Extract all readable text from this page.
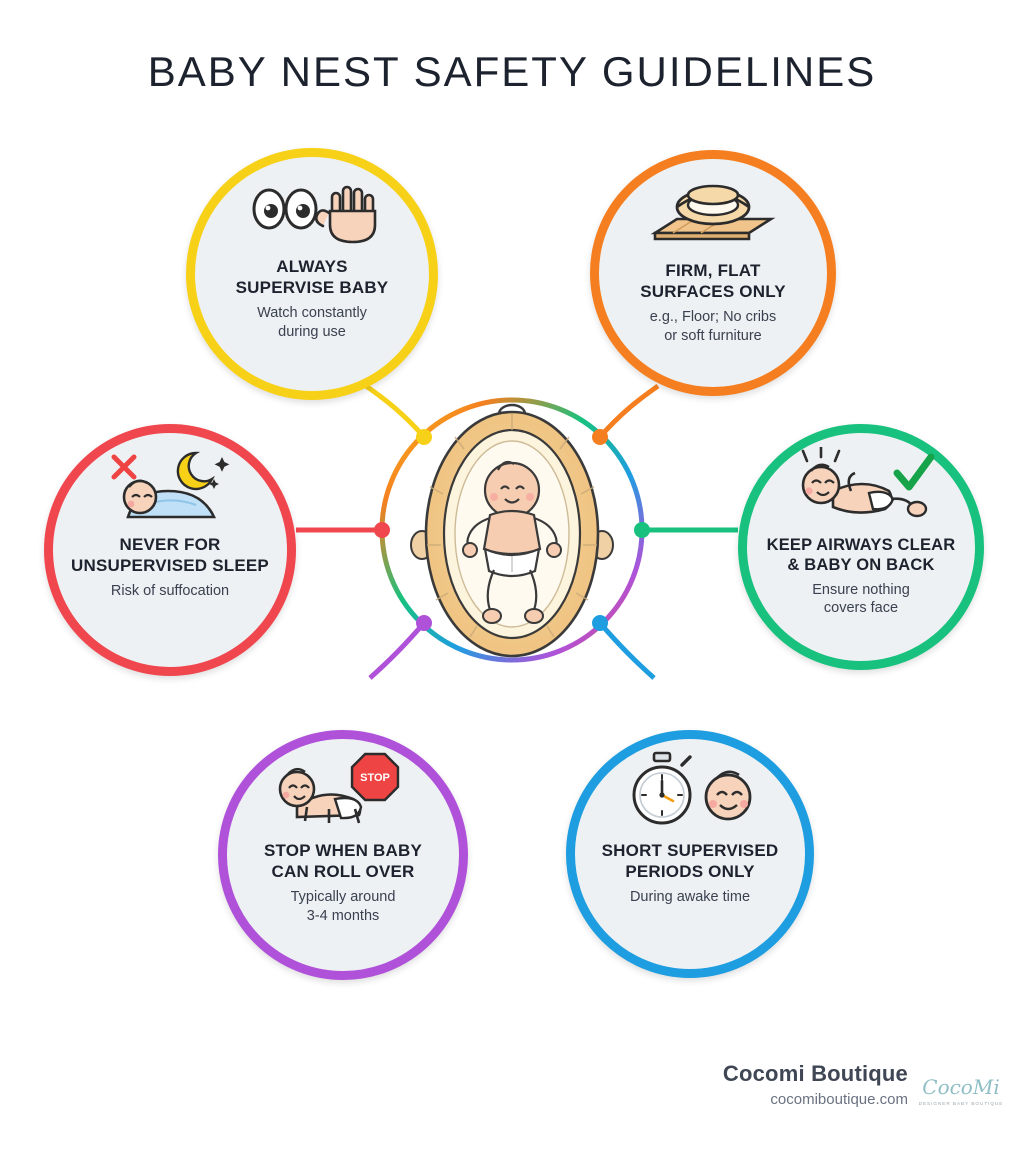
BABY NEST SAFETY GUIDELINES
ALWAYS
SUPERVISE BABY
Watch constantly
during use
FIRM, FLAT
SURFACES ONLY
e.g., Floor; No cribs
or soft furniture
NEVER FOR
UNSUPERVISED SLEEP
Risk of suffocation
KEEP AIRWAYS CLEAR
& BABY ON BACK
Ensure nothing
covers face
STOP
STOP WHEN BABY
CAN ROLL OVER
Typically around
3-4 months
SHORT SUPERVISED
PERIODS ONLY
During awake time
Cocomi Boutique
cocomiboutique.com
CocoMi
DESIGNER BABY BOUTIQUE
